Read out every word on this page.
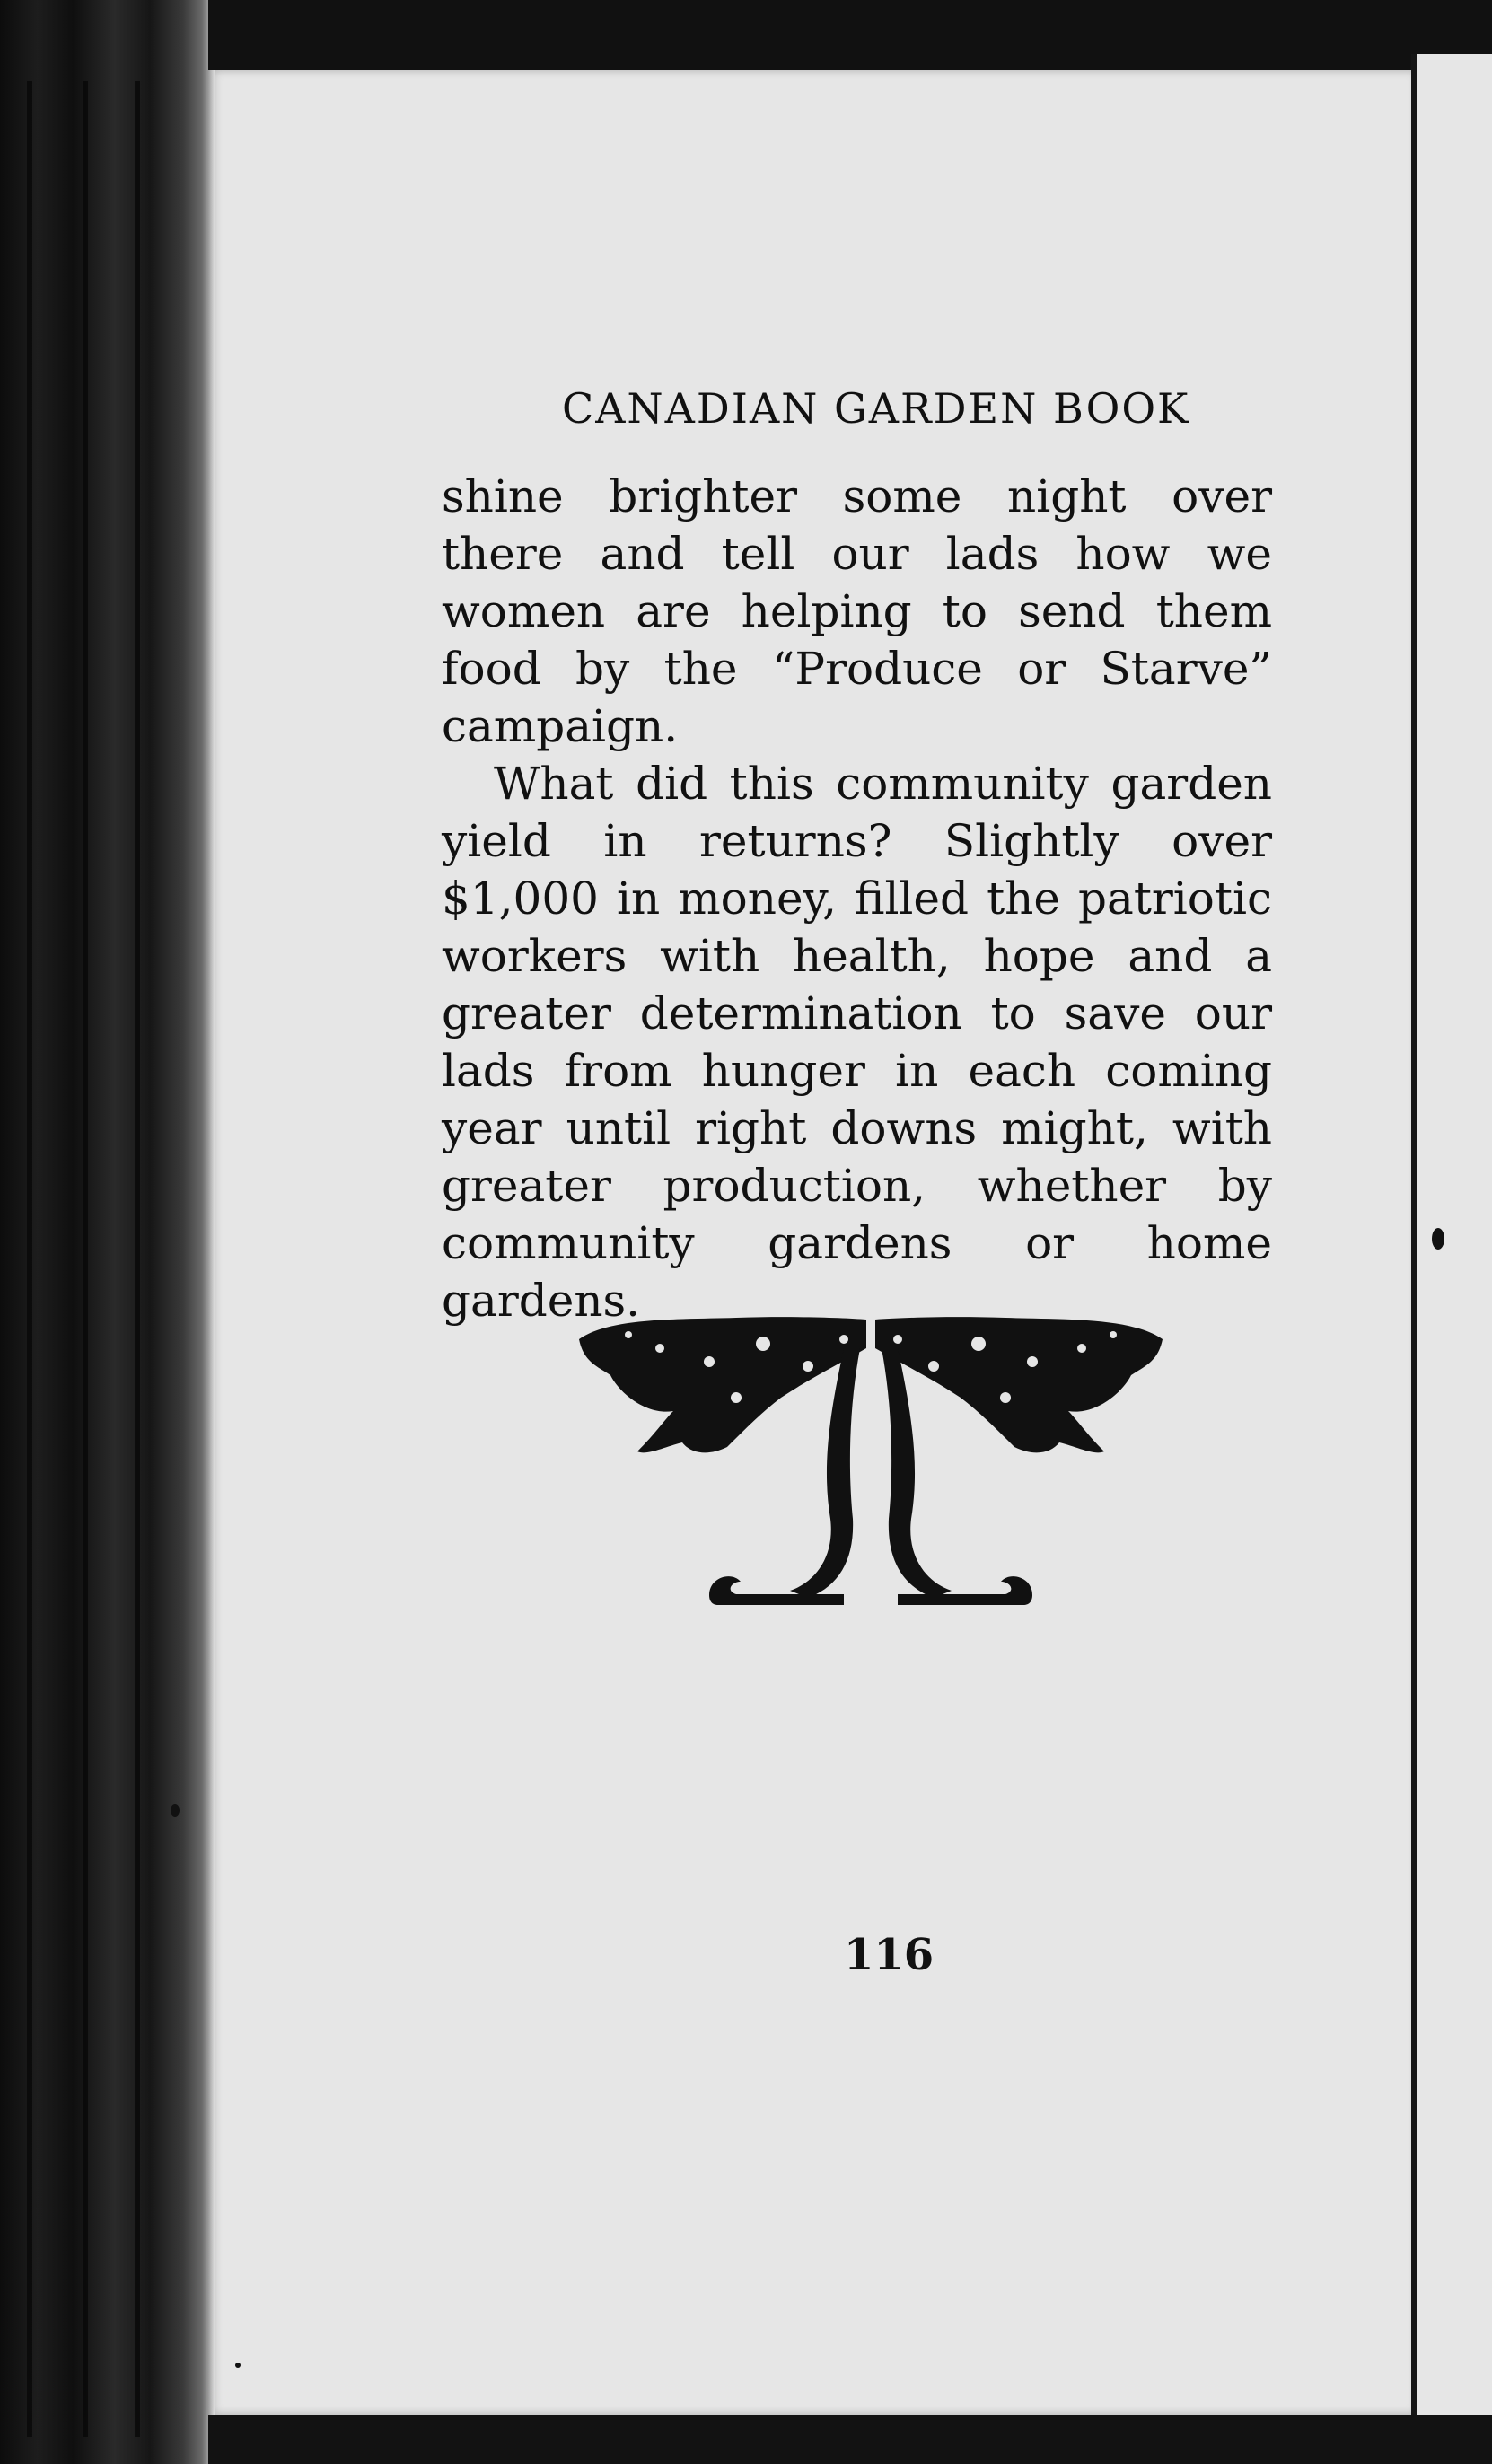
CANADIAN GARDEN BOOK

shine brighter some night over there and tell our lads how we women are helping to send them food by the “Produce or Starve” campaign.

What did this community garden yield in returns? Slightly over $1,000 in money, filled the patriotic workers with health, hope and a greater determination to save our lads from hunger in each coming year until right downs might, with greater production, whether by community gardens or home gardens.

116
